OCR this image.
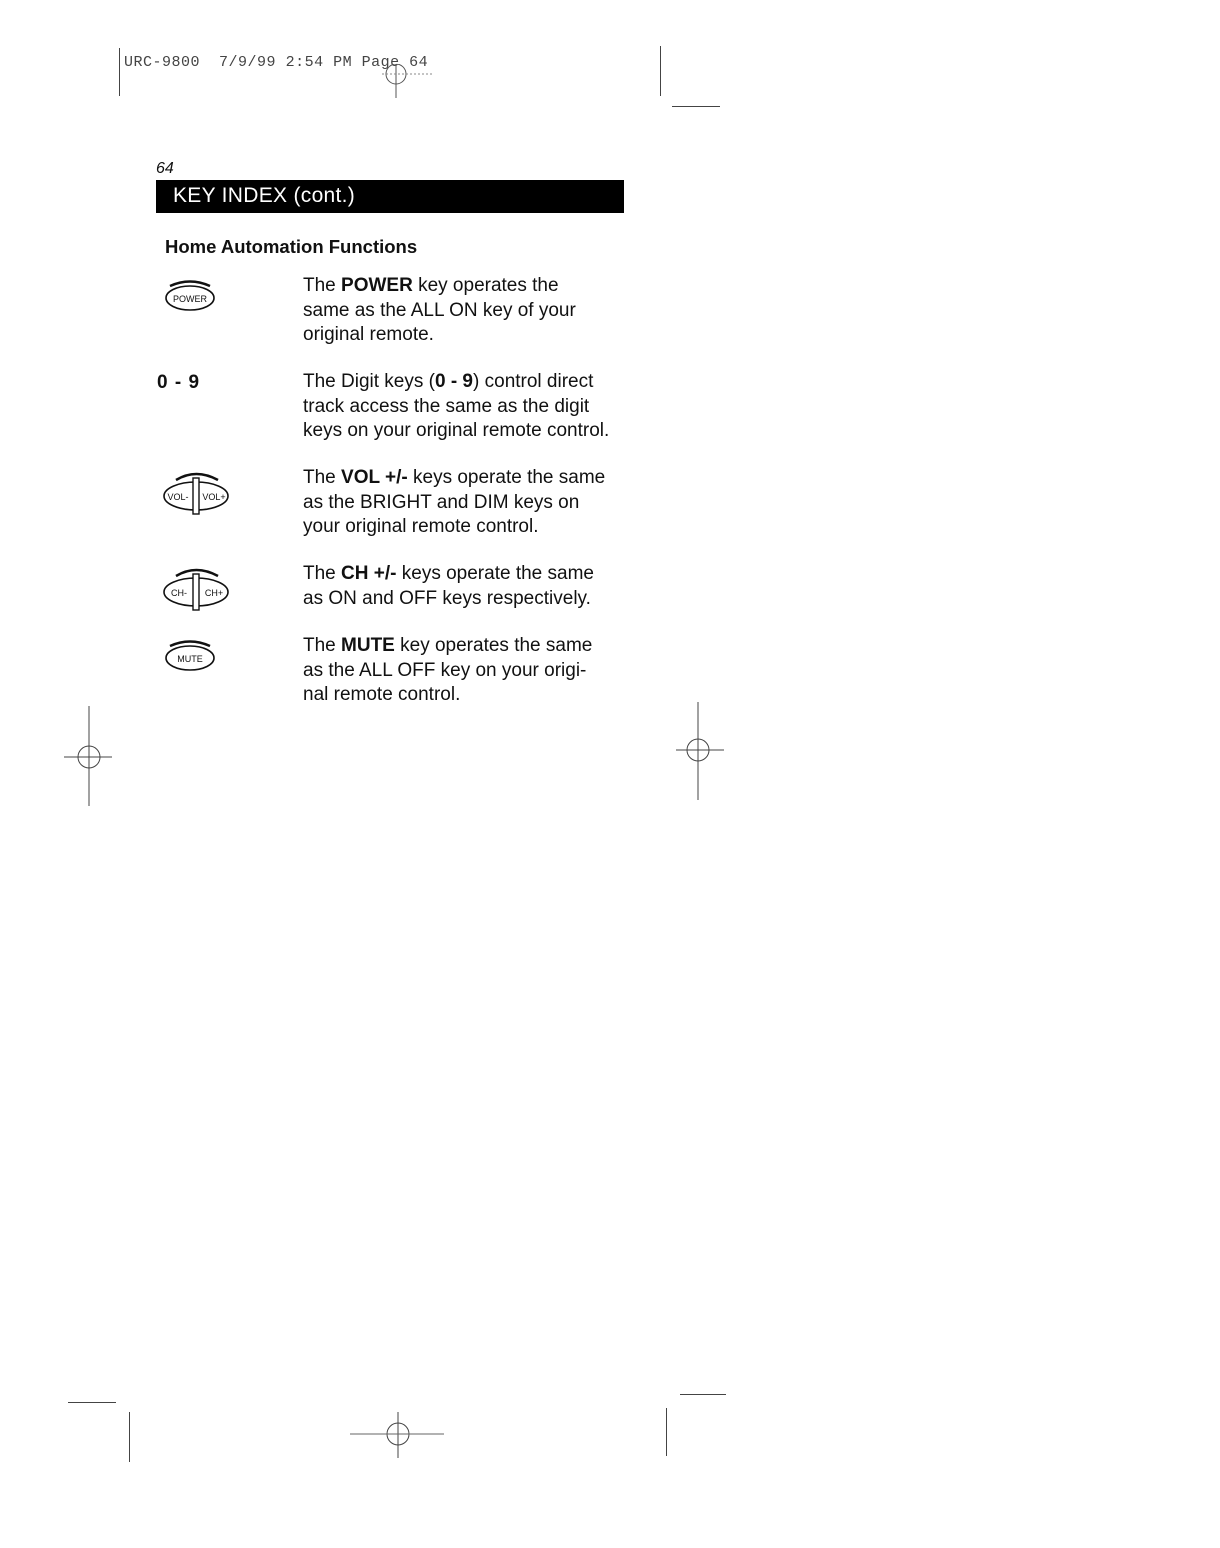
URC-9800 7/9/99 2:54 PM Page 64
64
KEY INDEX (cont.)
Home Automation Functions
POWER

The POWER key operates the

same as the ALL ON key of your

original remote.

0 - 9	The Digit keys (0 - 9) control direct

track access the same as the digit

keys on your original remote control.

VOL- VOL+

The VOL +/- keys operate the same

as the BRIGHT and DIM keys on

your original remote control.

CH- CH+

The CH +/- keys operate the same

as ON and OFF keys respectively.

MUTE

The MUTE key operates the same

as the ALL OFF key on your origi-

nal remote control.
